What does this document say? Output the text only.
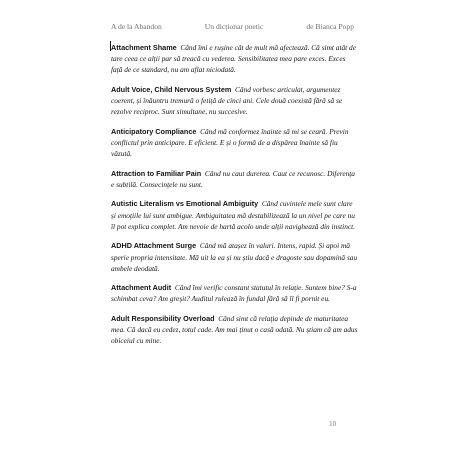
A de la Abandon	Un dicționar poetic	de Bianca Popp

Attachment Shame Când îmi e rușine cât de mult mă afectează. Că simt atât de tare ceea ce alții par să treacă cu vederea. Sensibilitatea mea pare exces. Exces față de ce standard, nu am aflat niciodată.

Adult Voice, Child Nervous System Când vorbesc articulat, argumentez coerent, și înăuntru tremură o fetiță de cinci ani. Cele două coexistă fără să se rezolve reciproc. Sunt simultane, nu succesive.

Anticipatory Compliance Când mă conformez înainte să mi se ceară. Previn conflictul prin anticipare. E eficient. E și o formă de a dispărea înainte să fiu văzută.

Attraction to Familiar Pain Când nu caut durerea. Caut ce recunosc. Diferența e subtilă. Consecințele nu sunt.

Autistic Literalism vs Emotional Ambiguity Când cuvintele mele sunt clare și emoțiile lui sunt ambigue. Ambiguitatea mă destabilizează la un nivel pe care nu îl pot explica complet. Am nevoie de hartă acolo unde alții navighează din instinct.

ADHD Attachment Surge Când mă atașez în valuri. Intens, rapid. Și apoi mă sperie propria intensitate. Mă uit la ea și nu știu dacă e dragoste sau dopamină sau ambele deodată.

Attachment Audit Când îmi verific constant statutul în relație. Suntem bine? S-a schimbat ceva? Am greșit? Auditul rulează în fundal fără să îl fi pornit eu.

Adult Responsibility Overload Când simt că relația depinde de maturitatea mea. Că dacă eu cedez, totul cade. Am mai ținut o casă odată. Nu știam că am adus obiceiul cu mine.

10
